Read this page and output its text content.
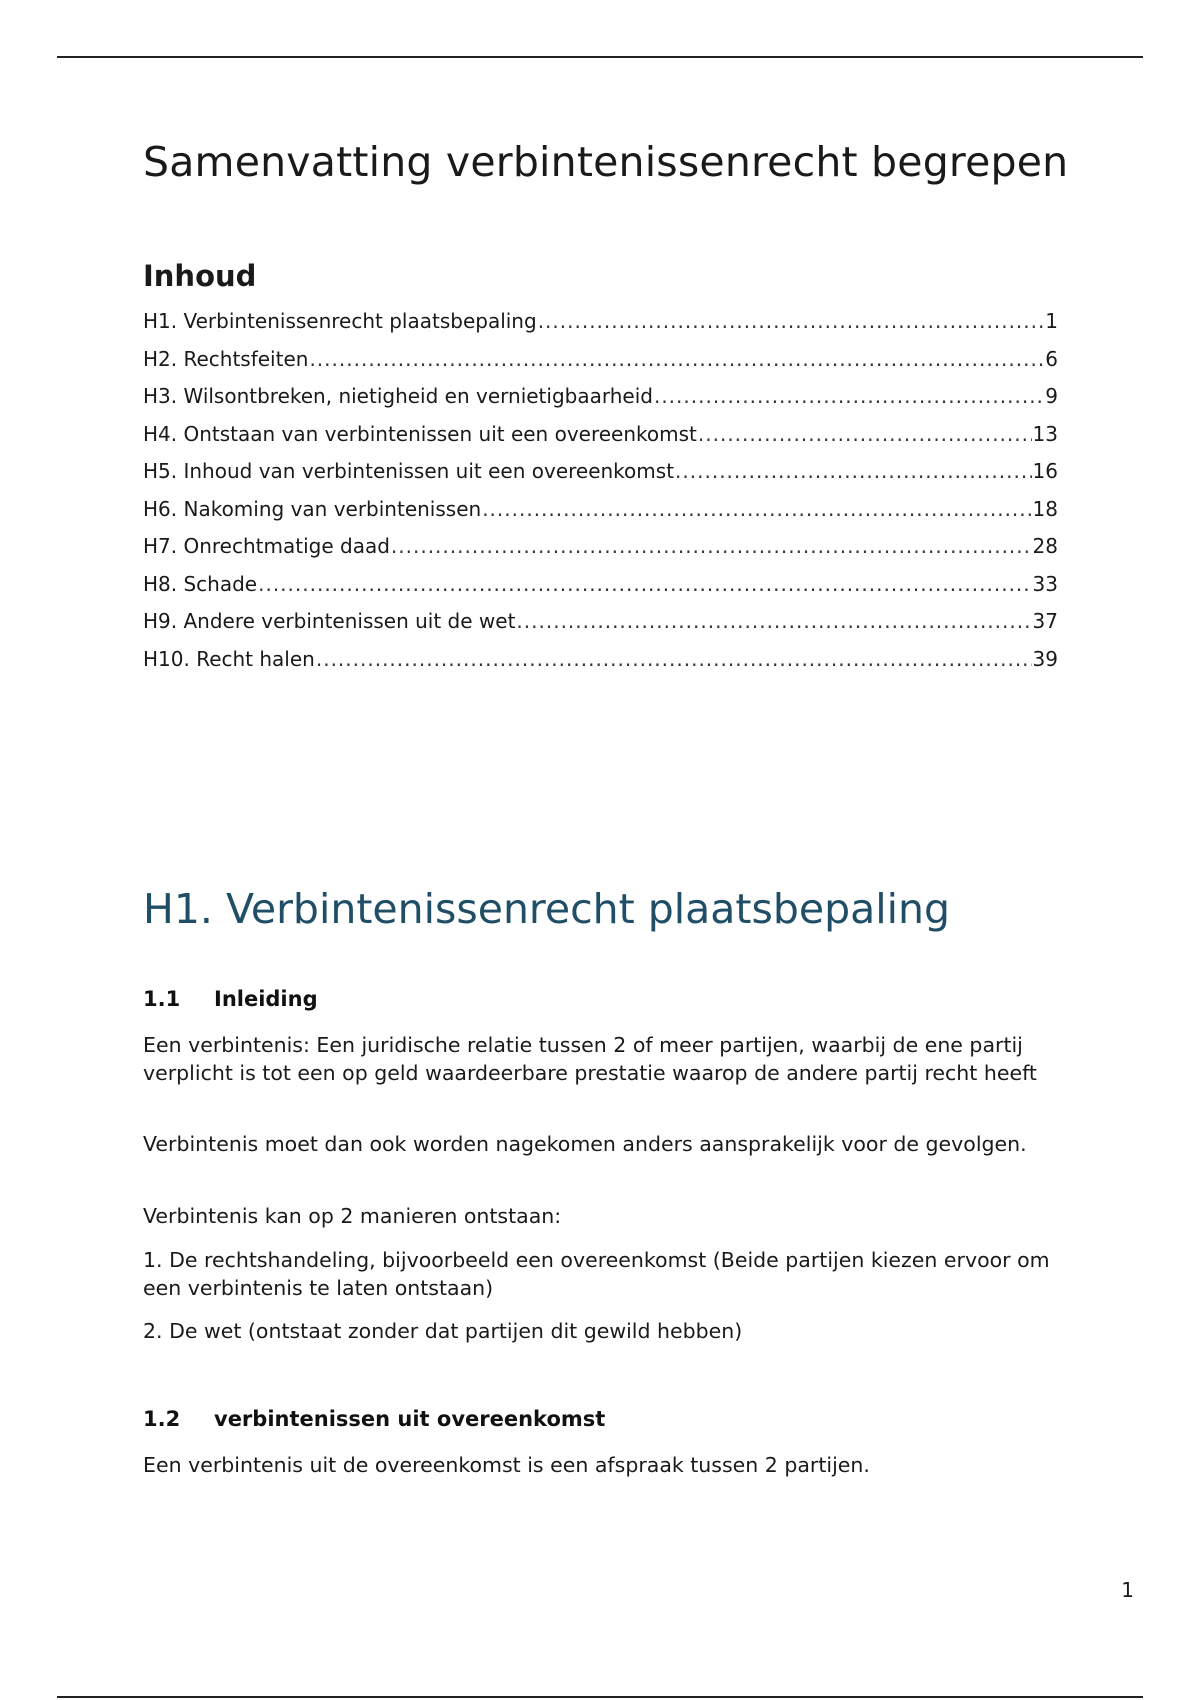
Samenvatting verbintenissenrecht begrepen
Inhoud
H1. Verbintenissenrecht plaatsbepaling .....	1
H2. Rechtsfeiten .....	6
H3. Wilsontbreken, nietigheid en vernietigbaarheid .....	9
H4. Ontstaan van verbintenissen uit een overeenkomst .....	13
H5. Inhoud van verbintenissen uit een overeenkomst .....	16
H6. Nakoming van verbintenissen .....	18
H7. Onrechtmatige daad .....	28
H8. Schade .....	33
H9. Andere verbintenissen uit de wet .....	37
H10. Recht halen .....	39
H1. Verbintenissenrecht plaatsbepaling
1.1 Inleiding

Een verbintenis: Een juridische relatie tussen 2 of meer partijen, waarbij de ene partij verplicht is tot een op geld waardeerbare prestatie waarop de andere partij recht heeft

Verbintenis moet dan ook worden nagekomen anders aansprakelijk voor de gevolgen.

Verbintenis kan op 2 manieren ontstaan:

1. De rechtshandeling, bijvoorbeeld een overeenkomst (Beide partijen kiezen ervoor om een verbintenis te laten ontstaan)

2. De wet (ontstaat zonder dat partijen dit gewild hebben)

1.2 verbintenissen uit overeenkomst

Een verbintenis uit de overeenkomst is een afspraak tussen 2 partijen.

1
